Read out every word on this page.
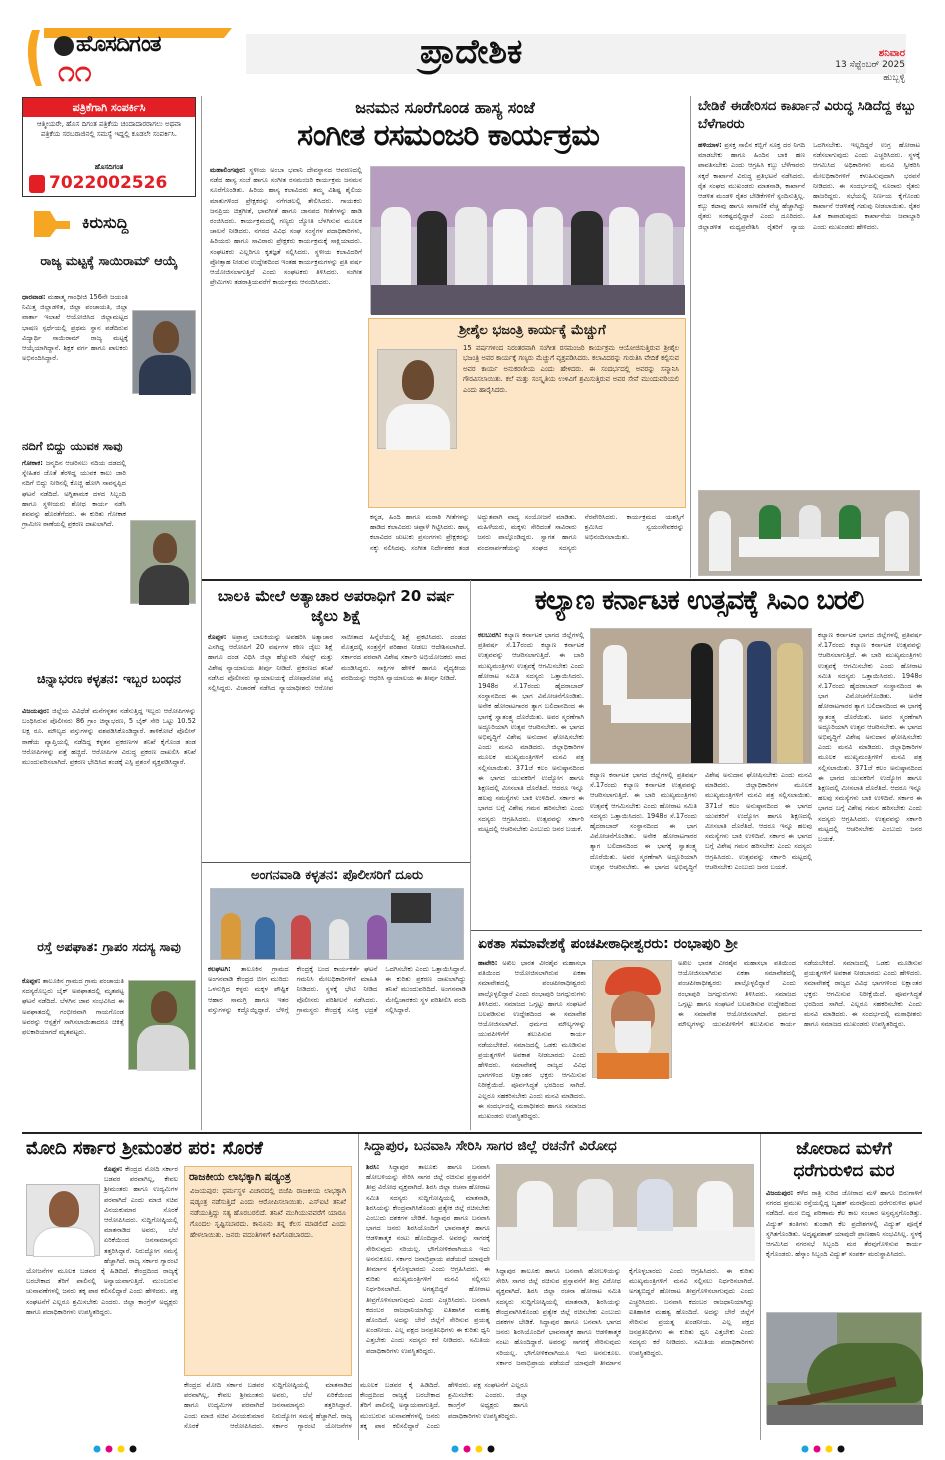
ಹೊಸದಿಗಂತ
೧೧	ಪ್ರಾದೇಶಿಕ	ಶನಿವಾರ
13 ಸೆಪ್ಟೆಂಬರ್ 2025
ಹುಬ್ಬಳ್ಳಿ
ಪತ್ರಿಕೆಗಾಗಿ ಸಂಪರ್ಕಿಸಿ
ಆತ್ಮೀಯರೇ, ಹೊಸ ದಿಗಂತ ಪತ್ರಿಕೆಯ ಚಂದಾದಾರರಾಗಲು ಅಥವಾ ಪತ್ರಿಕೆಯ ಸರಬರಾಜಿನಲ್ಲಿ ಸಮಸ್ಯೆ ಇದ್ದಲ್ಲಿ ಕೂಡಲೇ ಸಂಪರ್ಕಿಸಿ.
ಹೊಸದಿಗಂತ
7022002526
ಕಿರುಸುದ್ದಿ
ರಾಜ್ಯ ಮಟ್ಟಕ್ಕೆ ಸಾಯಿರಾಮ್ ಆಯ್ಕೆ
ಧಾರವಾಡ: ಮಹಾತ್ಮ ಗಾಂಧೀಜಿ 156ನೇ ಜಯಂತಿ ನಿಮಿತ್ತ ಜಿಲ್ಲಾಡಳಿತ, ಜಿಲ್ಲಾ ಪಂಚಾಯತಿ, ಜಿಲ್ಲಾ ವಾರ್ತಾ ಇಲಾಖೆ ಆಯೋಜಿಸಿದ ಜಿಲ್ಲಾಮಟ್ಟದ ಭಾಷಣ ಸ್ಪರ್ಧೆಯಲ್ಲಿ ಪ್ರಥಮ ಸ್ಥಾನ ಪಡೆದಿರುವ ವಿದ್ಯಾರ್ಥಿ ಸಾಯಿರಾಮ್ ರಾಜ್ಯ ಮಟ್ಟಕ್ಕೆ ಆಯ್ಕೆಯಾಗಿದ್ದಾನೆ. ಶಿಕ್ಷಕ ವರ್ಗ ಹಾಗೂ ಪಾಲಕರು ಅಭಿನಂದಿಸಿದ್ದಾರೆ.
ನದಿಗೆ ಬಿದ್ದು ಯುವಕ ಸಾವು
ಗೋಕಾಕ: ಜನ್ಮದಿನ ಆಚರಿಸಲು ನದಿಯ ದಡದಲ್ಲಿ ಸ್ನೇಹಿತರ ಜೊತೆ ತೆರಳಿದ್ದ ಯುವಕ ಕಾಲು ಜಾರಿ ನದಿಗೆ ಬಿದ್ದು ನೀರಿನಲ್ಲಿ ಕೊಚ್ಚಿ ಹೋಗಿ ಸಾವನ್ನಪ್ಪಿದ ಘಟನೆ ನಡೆದಿದೆ. ಅಗ್ನಿಶಾಮಕ ದಳದ ಸಿಬ್ಬಂದಿ ಹಾಗೂ ಸ್ಥಳೀಯರು ಶೋಧ ಕಾರ್ಯ ನಡೆಸಿ ಶವವನ್ನು ಹೊರತೆಗೆದರು. ಈ ಕುರಿತು ಗೋಕಾಕ ಗ್ರಾಮೀಣ ಠಾಣೆಯಲ್ಲಿ ಪ್ರಕರಣ ದಾಖಲಾಗಿದೆ.
ಚಿನ್ನಾಭರಣ ಕಳ್ಳತನ: ಇಬ್ಬರ ಬಂಧನ
ವಿಜಯಪುರ: ಜಿಲ್ಲೆಯ ವಿವಿಧೆಡೆ ಮನೆಗಳ್ಳತನ ನಡೆಸುತ್ತಿದ್ದ ಇಬ್ಬರು ಆರೋಪಿಗಳನ್ನು ಬಂಧಿಸಿರುವ ಪೊಲೀಸರು 86 ಗ್ರಾಂ ಚಿನ್ನಾಭರಣ, 5 ಬೈಕ್ ಸೇರಿ ಒಟ್ಟು 10.52 ಲಕ್ಷ ರೂ. ಮೌಲ್ಯದ ವಸ್ತುಗಳನ್ನು ವಶಪಡಿಸಿಕೊಂಡಿದ್ದಾರೆ. ತಾಳಿಕೋಟೆ ಪೊಲೀಸ್ ಠಾಣೆಯ ವ್ಯಾಪ್ತಿಯಲ್ಲಿ ನಡೆದಿದ್ದ ಕಳ್ಳತನ ಪ್ರಕರಣಗಳ ತನಿಖೆ ಕೈಗೊಂಡ ತಂಡ ಆರೋಪಿಗಳನ್ನು ಪತ್ತೆ ಹಚ್ಚಿದೆ. ಆರೋಪಿಗಳ ವಿರುದ್ಧ ಪ್ರಕರಣ ದಾಖಲಿಸಿ ತನಿಖೆ ಮುಂದುವರಿಸಲಾಗಿದೆ. ಪ್ರಕರಣ ಭೇದಿಸಿದ ತಂಡಕ್ಕೆ ಎಸ್ಪಿ ಪ್ರಶಂಸೆ ವ್ಯಕ್ತಪಡಿಸಿದ್ದಾರೆ.
ರಸ್ತೆ ಅಪಘಾತ: ಗ್ರಾಪಂ ಸದಸ್ಯ ಸಾವು
ಕೊಪ್ಪಳ: ತಾಲೂಕಿನ ಗ್ರಾಮದ ಗ್ರಾಮ ಪಂಚಾಯತಿ ಸದಸ್ಯರೊಬ್ಬರು ಬೈಕ್ ಅಪಘಾತದಲ್ಲಿ ಮೃತಪಟ್ಟ ಘಟನೆ ನಡೆದಿದೆ. ಬೆಳಗಿನ ಜಾವ ಸಂಭವಿಸಿದ ಈ ಅಪಘಾತದಲ್ಲಿ ಗಂಭೀರವಾಗಿ ಗಾಯಗೊಂಡ ಅವರನ್ನು ಆಸ್ಪತ್ರೆಗೆ ಸಾಗಿಸಲಾಯಿತಾದರೂ ಚಿಕಿತ್ಸೆ ಫಲಕಾರಿಯಾಗದೆ ಮೃತಪಟ್ಟರು.
ಜನಮನ ಸೂರೆಗೊಂಡ ಹಾಸ್ಯ ಸಂಜೆ
ಸಂಗೀತ ರಸಮಂಜರಿ ಕಾರ್ಯಕ್ರಮ
ಮಹಾಲಿಂಗಪುರ: ಸ್ಥಳೀಯ ಅಂಬಾ ಭವಾನಿ ದೇವಸ್ಥಾನದ ಆವರಣದಲ್ಲಿ ನಡೆದ ಹಾಸ್ಯ ಸಂಜೆ ಹಾಗೂ ಸಂಗೀತ ರಸಮಂಜರಿ ಕಾರ್ಯಕ್ರಮ ಜನಮನ ಸೂರೆಗೊಂಡಿತು. ಹಿರಿಯ ಹಾಸ್ಯ ಕಲಾವಿದರು ತಮ್ಮ ವಿಶಿಷ್ಟ ಶೈಲಿಯ ಮಾತುಗಳಿಂದ ಪ್ರೇಕ್ಷಕರನ್ನು ನಗೆಗಡಲಲ್ಲಿ ತೇಲಿಸಿದರು. ಗಾಯಕರು ಜನಪ್ರಿಯ ಚಿತ್ರಗೀತೆ, ಭಾವಗೀತೆ ಹಾಗೂ ಜಾನಪದ ಗೀತೆಗಳನ್ನು ಹಾಡಿ ರಂಜಿಸಿದರು. ಕಾರ್ಯಕ್ರಮದಲ್ಲಿ ಗಣ್ಯರು ಜ್ಯೋತಿ ಬೆಳಗಿಸುವ ಮೂಲಕ ಚಾಲನೆ ನೀಡಿದರು. ನಗರದ ವಿವಿಧ ಸಂಘ ಸಂಸ್ಥೆಗಳ ಪದಾಧಿಕಾರಿಗಳು, ಹಿರಿಯರು ಹಾಗೂ ಸಾವಿರಾರು ಪ್ರೇಕ್ಷಕರು ಕಾರ್ಯಕ್ರಮಕ್ಕೆ ಸಾಕ್ಷಿಯಾದರು. ಸಂಘಟಕರು ಎಲ್ಲರಿಗೂ ಕೃತಜ್ಞತೆ ಸಲ್ಲಿಸಿದರು. ಸ್ಥಳೀಯ ಕಲಾವಿದರಿಗೆ ಪ್ರೋತ್ಸಾಹ ನೀಡುವ ಉದ್ದೇಶದಿಂದ ಇಂತಹ ಕಾರ್ಯಕ್ರಮಗಳನ್ನು ಪ್ರತಿ ವರ್ಷ ಆಯೋಜಿಸಲಾಗುತ್ತಿದೆ ಎಂದು ಸಂಘಟಕರು ತಿಳಿಸಿದರು. ಸಂಗೀತ ಪ್ರೇಮಿಗಳು ತಡರಾತ್ರಿಯವರೆಗೆ ಕಾರ್ಯಕ್ರಮ ಆನಂದಿಸಿದರು.
ಶ್ರೀಶೈಲ ಭಜಂತ್ರಿ ಕಾರ್ಯಕ್ಕೆ ಮೆಚ್ಚುಗೆ
15 ವರ್ಷಗಳಿಂದ ನಿರಂತರವಾಗಿ ಸಂಗೀತ ರಸಮಂಜರಿ ಕಾರ್ಯಕ್ರಮ ಆಯೋಜಿಸುತ್ತಿರುವ ಶ್ರೀಶೈಲ ಭಜಂತ್ರಿ ಅವರ ಕಾರ್ಯಕ್ಕೆ ಗಣ್ಯರು ಮೆಚ್ಚುಗೆ ವ್ಯಕ್ತಪಡಿಸಿದರು. ಕಲಾವಿದರನ್ನು ಗುರುತಿಸಿ ವೇದಿಕೆ ಕಲ್ಪಿಸುವ ಅವರ ಕಾರ್ಯ ಅನುಕರಣೀಯ ಎಂದು ಹೇಳಿದರು. ಈ ಸಂದರ್ಭದಲ್ಲಿ ಅವರನ್ನು ಸನ್ಮಾನಿಸಿ ಗೌರವಿಸಲಾಯಿತು. ಕಲೆ ಮತ್ತು ಸಂಸ್ಕೃತಿಯ ಉಳಿವಿಗೆ ಶ್ರಮಿಸುತ್ತಿರುವ ಅವರ ಸೇವೆ ಮುಂದುವರಿಯಲಿ ಎಂದು ಹಾರೈಸಿದರು.
ಕನ್ನಡ, ಹಿಂದಿ ಹಾಗೂ ಮರಾಠಿ ಗೀತೆಗಳನ್ನು ಹಾಡಿದ ಕಲಾವಿದರು ಚಪ್ಪಾಳೆ ಗಿಟ್ಟಿಸಿದರು. ಹಾಸ್ಯ ಕಲಾವಿದರ ಚುಟುಕು ಪ್ರಸಂಗಗಳು ಪ್ರೇಕ್ಷಕರನ್ನು ನಕ್ಕು ನಲಿಸಿದವು. ಸಂಗೀತ ನಿರ್ದೇಶಕರ ತಂಡ ಅದ್ಭುತವಾಗಿ ವಾದ್ಯ ಸಂಯೋಜನೆ ಮಾಡಿತು. ಮಹಿಳೆಯರು, ಮಕ್ಕಳು ಸೇರಿದಂತೆ ಸಾವಿರಾರು ಜನರು ಪಾಲ್ಗೊಂಡಿದ್ದರು. ಸ್ವಾಗತ ಹಾಗೂ ವಂದನಾರ್ಪಣೆಯನ್ನು ಸಂಘದ ಸದಸ್ಯರು ನೆರವೇರಿಸಿದರು. ಕಾರ್ಯಕ್ರಮದ ಯಶಸ್ಸಿಗೆ ಶ್ರಮಿಸಿದ ಸ್ವಯಂಸೇವಕರನ್ನು ಅಭಿನಂದಿಸಲಾಯಿತು.
ಬೇಡಿಕೆ ಈಡೇರಿಸದ ಕಾರ್ಖಾನೆ ವಿರುದ್ಧ ಸಿಡಿದೆದ್ದ ಕಬ್ಬು ಬೆಳೆಗಾರರು
ಹಳಿಯಾಳ: ಪ್ರಸಕ್ತ ಸಾಲಿನ ಕಬ್ಬಿಗೆ ಸೂಕ್ತ ದರ ನಿಗದಿ ಮಾಡಬೇಕು ಹಾಗೂ ಹಿಂದಿನ ಬಾಕಿ ಹಣ ಪಾವತಿಸಬೇಕು ಎಂದು ಆಗ್ರಹಿಸಿ ಕಬ್ಬು ಬೆಳೆಗಾರರು ಸಕ್ಕರೆ ಕಾರ್ಖಾನೆ ವಿರುದ್ಧ ಪ್ರತಿಭಟನೆ ನಡೆಸಿದರು. ರೈತ ಸಂಘದ ಮುಖಂಡರು ಮಾತನಾಡಿ, ಕಾರ್ಖಾನೆ ಆಡಳಿತ ಮಂಡಳಿ ರೈತರ ಬೇಡಿಕೆಗಳಿಗೆ ಸ್ಪಂದಿಸುತ್ತಿಲ್ಲ. ಕಬ್ಬು ಕಟಾವು ಹಾಗೂ ಸಾಗಾಣಿಕೆ ವೆಚ್ಚ ಹೆಚ್ಚಾಗಿದ್ದು ರೈತರು ಸಂಕಷ್ಟದಲ್ಲಿದ್ದಾರೆ ಎಂದು ದೂರಿದರು. ಜಿಲ್ಲಾಡಳಿತ ಮಧ್ಯಪ್ರವೇಶಿಸಿ ರೈತರಿಗೆ ನ್ಯಾಯ ಒದಗಿಸಬೇಕು. ಇಲ್ಲದಿದ್ದರೆ ಉಗ್ರ ಹೋರಾಟ ನಡೆಸಲಾಗುವುದು ಎಂದು ಎಚ್ಚರಿಸಿದರು. ಸ್ಥಳಕ್ಕೆ ಆಗಮಿಸಿದ ಅಧಿಕಾರಿಗಳು ಮನವಿ ಸ್ವೀಕರಿಸಿ ಮೇಲಧಿಕಾರಿಗಳಿಗೆ ಕಳುಹಿಸುವುದಾಗಿ ಭರವಸೆ ನೀಡಿದರು. ಈ ಸಂದರ್ಭದಲ್ಲಿ ನೂರಾರು ರೈತರು ಹಾಜರಿದ್ದರು. ಸಭೆಯಲ್ಲಿ ನಿರ್ಣಯ ಕೈಗೊಂಡು ಕಾರ್ಖಾನೆ ಆಡಳಿತಕ್ಕೆ ಗಡುವು ನೀಡಲಾಯಿತು. ರೈತರ ಹಿತ ಕಾಪಾಡುವುದು ಕಾರ್ಖಾನೆಯ ಜವಾಬ್ದಾರಿ ಎಂದು ಮುಖಂಡರು ಹೇಳಿದರು.
ಬಾಲಕಿ ಮೇಲೆ ಅತ್ಯಾಚಾರ ಅಪರಾಧಿಗೆ 20 ವರ್ಷ ಜೈಲು ಶಿಕ್ಷೆ
ಕೊಪ್ಪಳ: ಅಪ್ರಾಪ್ತ ಬಾಲಕಿಯನ್ನು ಅಪಹರಿಸಿ ಅತ್ಯಾಚಾರ ಎಸಗಿದ್ದ ಆರೋಪಿಗೆ 20 ವರ್ಷಗಳ ಕಠಿಣ ಜೈಲು ಶಿಕ್ಷೆ ಹಾಗೂ ದಂಡ ವಿಧಿಸಿ ಜಿಲ್ಲಾ ಹೆಚ್ಚುವರಿ ಸೆಷನ್ಸ್ ಮತ್ತು ವಿಶೇಷ ನ್ಯಾಯಾಲಯ ತೀರ್ಪು ನೀಡಿದೆ. ಪ್ರಕರಣದ ತನಿಖೆ ನಡೆಸಿದ ಪೊಲೀಸರು ನ್ಯಾಯಾಲಯಕ್ಕೆ ದೋಷಾರೋಪ ಪಟ್ಟಿ ಸಲ್ಲಿಸಿದ್ದರು. ವಿಚಾರಣೆ ನಡೆಸಿದ ನ್ಯಾಯಾಧೀಶರು ಆರೋಪ ಸಾಬೀತಾದ ಹಿನ್ನೆಲೆಯಲ್ಲಿ ಶಿಕ್ಷೆ ಪ್ರಕಟಿಸಿದರು. ದಂಡದ ಮೊತ್ತದಲ್ಲಿ ಸಂತ್ರಸ್ತೆಗೆ ಪರಿಹಾರ ನೀಡಲು ಆದೇಶಿಸಲಾಗಿದೆ. ಸರ್ಕಾರದ ಪರವಾಗಿ ವಿಶೇಷ ಸರ್ಕಾರಿ ಅಭಿಯೋಜಕರು ವಾದ ಮಂಡಿಸಿದ್ದರು. ಸಾಕ್ಷಿಗಳ ಹೇಳಿಕೆ ಹಾಗೂ ವೈದ್ಯಕೀಯ ವರದಿಯನ್ನು ಆಧರಿಸಿ ನ್ಯಾಯಾಲಯ ಈ ತೀರ್ಪು ನೀಡಿದೆ.
ಅಂಗನವಾಡಿ ಕಳ್ಳತನ: ಪೊಲೀಸರಿಗೆ ದೂರು
ಕಲಘಟಗಿ: ತಾಲೂಕಿನ ಗ್ರಾಮದ ಅಂಗನವಾಡಿ ಕೇಂದ್ರದ ಬೀಗ ಮುರಿದು ಒಳನುಗ್ಗಿದ ಕಳ್ಳರು ಮಕ್ಕಳ ಪೌಷ್ಟಿಕ ಆಹಾರ ಸಾಮಗ್ರಿ ಹಾಗೂ ಇತರ ವಸ್ತುಗಳನ್ನು ಕದ್ದೊಯ್ದಿದ್ದಾರೆ. ಬೆಳಿಗ್ಗೆ ಕೇಂದ್ರಕ್ಕೆ ಬಂದ ಕಾರ್ಯಕರ್ತೆ ಘಟನೆ ಗಮನಿಸಿ ಮೇಲಧಿಕಾರಿಗಳಿಗೆ ಮಾಹಿತಿ ನೀಡಿದರು. ಸ್ಥಳಕ್ಕೆ ಭೇಟಿ ನೀಡಿದ ಪೊಲೀಸರು ಪರಿಶೀಲನೆ ನಡೆಸಿದರು. ಗ್ರಾಮಸ್ಥರು ಕೇಂದ್ರಕ್ಕೆ ಸೂಕ್ತ ಭದ್ರತೆ ಒದಗಿಸಬೇಕು ಎಂದು ಒತ್ತಾಯಿಸಿದ್ದಾರೆ. ಈ ಕುರಿತು ಪ್ರಕರಣ ದಾಖಲಾಗಿದ್ದು ತನಿಖೆ ಮುಂದುವರಿದಿದೆ. ಅಂಗನವಾಡಿ ಮೇಲ್ವಿಚಾರಕರು ಸ್ಥಳ ಪರಿಶೀಲಿಸಿ ವರದಿ ಸಲ್ಲಿಸಿದ್ದಾರೆ.
ಕಲ್ಯಾಣ ಕರ್ನಾಟಕ ಉತ್ಸವಕ್ಕೆ ಸಿಎಂ ಬರಲಿ
ಕಲಬುರಗಿ: ಕಲ್ಯಾಣ ಕರ್ನಾಟಕ ಭಾಗದ ಜಿಲ್ಲೆಗಳಲ್ಲಿ ಪ್ರತಿವರ್ಷ ಸೆ.17ರಂದು ಕಲ್ಯಾಣ ಕರ್ನಾಟಕ ಉತ್ಸವವನ್ನು ಆಚರಿಸಲಾಗುತ್ತಿದೆ. ಈ ಬಾರಿ ಮುಖ್ಯಮಂತ್ರಿಗಳು ಉತ್ಸವಕ್ಕೆ ಆಗಮಿಸಬೇಕು ಎಂದು ಹೋರಾಟ ಸಮಿತಿ ಸದಸ್ಯರು ಒತ್ತಾಯಿಸಿದರು. 1948ರ ಸೆ.17ರಂದು ಹೈದರಾಬಾದ್ ಸಂಸ್ಥಾನದಿಂದ ಈ ಭಾಗ ವಿಮೋಚನೆಗೊಂಡಿತು. ಅನೇಕ ಹೋರಾಟಗಾರರ ತ್ಯಾಗ ಬಲಿದಾನದಿಂದ ಈ ಭಾಗಕ್ಕೆ ಸ್ವಾತಂತ್ರ್ಯ ದೊರೆಯಿತು. ಅವರ ಸ್ಮರಣೆಗಾಗಿ ಅದ್ದೂರಿಯಾಗಿ ಉತ್ಸವ ಆಚರಿಸಬೇಕು. ಈ ಭಾಗದ ಅಭಿವೃದ್ಧಿಗೆ ವಿಶೇಷ ಅನುದಾನ ಘೋಷಿಸಬೇಕು ಎಂದು ಮನವಿ ಮಾಡಿದರು. ಜಿಲ್ಲಾಧಿಕಾರಿಗಳ ಮೂಲಕ ಮುಖ್ಯಮಂತ್ರಿಗಳಿಗೆ ಮನವಿ ಪತ್ರ ಸಲ್ಲಿಸಲಾಯಿತು. 371ಜೆ ಕಲಂ ಅನುಷ್ಠಾನದಿಂದ ಈ ಭಾಗದ ಯುವಕರಿಗೆ ಉದ್ಯೋಗ ಹಾಗೂ ಶಿಕ್ಷಣದಲ್ಲಿ ಮೀಸಲಾತಿ ದೊರೆತಿದೆ. ಆದರೂ ಇನ್ನೂ ಹಲವು ಸಮಸ್ಯೆಗಳು ಬಾಕಿ ಉಳಿದಿವೆ. ಸರ್ಕಾರ ಈ ಭಾಗದ ಬಗ್ಗೆ ವಿಶೇಷ ಗಮನ ಹರಿಸಬೇಕು ಎಂದು ಸದಸ್ಯರು ಆಗ್ರಹಿಸಿದರು. ಉತ್ಸವವನ್ನು ಸರ್ಕಾರಿ ಮಟ್ಟದಲ್ಲಿ ಆಚರಿಸಬೇಕು ಎಂಬುದು ಜನರ ಬಯಕೆ.
ಕಲ್ಯಾಣ ಕರ್ನಾಟಕ ಭಾಗದ ಜಿಲ್ಲೆಗಳಲ್ಲಿ ಪ್ರತಿವರ್ಷ ಸೆ.17ರಂದು ಕಲ್ಯಾಣ ಕರ್ನಾಟಕ ಉತ್ಸವವನ್ನು ಆಚರಿಸಲಾಗುತ್ತಿದೆ. ಈ ಬಾರಿ ಮುಖ್ಯಮಂತ್ರಿಗಳು ಉತ್ಸವಕ್ಕೆ ಆಗಮಿಸಬೇಕು ಎಂದು ಹೋರಾಟ ಸಮಿತಿ ಸದಸ್ಯರು ಒತ್ತಾಯಿಸಿದರು. 1948ರ ಸೆ.17ರಂದು ಹೈದರಾಬಾದ್ ಸಂಸ್ಥಾನದಿಂದ ಈ ಭಾಗ ವಿಮೋಚನೆಗೊಂಡಿತು. ಅನೇಕ ಹೋರಾಟಗಾರರ ತ್ಯಾಗ ಬಲಿದಾನದಿಂದ ಈ ಭಾಗಕ್ಕೆ ಸ್ವಾತಂತ್ರ್ಯ ದೊರೆಯಿತು. ಅವರ ಸ್ಮರಣೆಗಾಗಿ ಅದ್ದೂರಿಯಾಗಿ ಉತ್ಸವ ಆಚರಿಸಬೇಕು. ಈ ಭಾಗದ ಅಭಿವೃದ್ಧಿಗೆ ವಿಶೇಷ ಅನುದಾನ ಘೋಷಿಸಬೇಕು ಎಂದು ಮನವಿ ಮಾಡಿದರು. ಜಿಲ್ಲಾಧಿಕಾರಿಗಳ ಮೂಲಕ ಮುಖ್ಯಮಂತ್ರಿಗಳಿಗೆ ಮನವಿ ಪತ್ರ ಸಲ್ಲಿಸಲಾಯಿತು. 371ಜೆ ಕಲಂ ಅನುಷ್ಠಾನದಿಂದ ಈ ಭಾಗದ ಯುವಕರಿಗೆ ಉದ್ಯೋಗ ಹಾಗೂ ಶಿಕ್ಷಣದಲ್ಲಿ ಮೀಸಲಾತಿ ದೊರೆತಿದೆ. ಆದರೂ ಇನ್ನೂ ಹಲವು ಸಮಸ್ಯೆಗಳು ಬಾಕಿ ಉಳಿದಿವೆ. ಸರ್ಕಾರ ಈ ಭಾಗದ ಬಗ್ಗೆ ವಿಶೇಷ ಗಮನ ಹರಿಸಬೇಕು ಎಂದು ಸದಸ್ಯರು ಆಗ್ರಹಿಸಿದರು. ಉತ್ಸವವನ್ನು ಸರ್ಕಾರಿ ಮಟ್ಟದಲ್ಲಿ ಆಚರಿಸಬೇಕು ಎಂಬುದು ಜನರ ಬಯಕೆ.
ಕಲ್ಯಾಣ ಕರ್ನಾಟಕ ಭಾಗದ ಜಿಲ್ಲೆಗಳಲ್ಲಿ ಪ್ರತಿವರ್ಷ ಸೆ.17ರಂದು ಕಲ್ಯಾಣ ಕರ್ನಾಟಕ ಉತ್ಸವವನ್ನು ಆಚರಿಸಲಾಗುತ್ತಿದೆ. ಈ ಬಾರಿ ಮುಖ್ಯಮಂತ್ರಿಗಳು ಉತ್ಸವಕ್ಕೆ ಆಗಮಿಸಬೇಕು ಎಂದು ಹೋರಾಟ ಸಮಿತಿ ಸದಸ್ಯರು ಒತ್ತಾಯಿಸಿದರು. 1948ರ ಸೆ.17ರಂದು ಹೈದರಾಬಾದ್ ಸಂಸ್ಥಾನದಿಂದ ಈ ಭಾಗ ವಿಮೋಚನೆಗೊಂಡಿತು. ಅನೇಕ ಹೋರಾಟಗಾರರ ತ್ಯಾಗ ಬಲಿದಾನದಿಂದ ಈ ಭಾಗಕ್ಕೆ ಸ್ವಾತಂತ್ರ್ಯ ದೊರೆಯಿತು. ಅವರ ಸ್ಮರಣೆಗಾಗಿ ಅದ್ದೂರಿಯಾಗಿ ಉತ್ಸವ ಆಚರಿಸಬೇಕು. ಈ ಭಾಗದ ಅಭಿವೃದ್ಧಿಗೆ ವಿಶೇಷ ಅನುದಾನ ಘೋಷಿಸಬೇಕು ಎಂದು ಮನವಿ ಮಾಡಿದರು. ಜಿಲ್ಲಾಧಿಕಾರಿಗಳ ಮೂಲಕ ಮುಖ್ಯಮಂತ್ರಿಗಳಿಗೆ ಮನವಿ ಪತ್ರ ಸಲ್ಲಿಸಲಾಯಿತು. 371ಜೆ ಕಲಂ ಅನುಷ್ಠಾನದಿಂದ ಈ ಭಾಗದ ಯುವಕರಿಗೆ ಉದ್ಯೋಗ ಹಾಗೂ ಶಿಕ್ಷಣದಲ್ಲಿ ಮೀಸಲಾತಿ ದೊರೆತಿದೆ. ಆದರೂ ಇನ್ನೂ ಹಲವು ಸಮಸ್ಯೆಗಳು ಬಾಕಿ ಉಳಿದಿವೆ. ಸರ್ಕಾರ ಈ ಭಾಗದ ಬಗ್ಗೆ ವಿಶೇಷ ಗಮನ ಹರಿಸಬೇಕು ಎಂದು ಸದಸ್ಯರು ಆಗ್ರಹಿಸಿದರು. ಉತ್ಸವವನ್ನು ಸರ್ಕಾರಿ ಮಟ್ಟದಲ್ಲಿ ಆಚರಿಸಬೇಕು ಎಂಬುದು ಜನರ ಬಯಕೆ.
ಏಕತಾ ಸಮಾವೇಶಕ್ಕೆ ಪಂಚಪೀಠಾಧೀಶ್ವರರು: ರಂಭಾಪುರಿ ಶ್ರೀ
ಹಾವೇರಿ: ಅಖಿಲ ಭಾರತ ವೀರಶೈವ ಮಹಾಸಭಾ ವತಿಯಿಂದ ಆಯೋಜಿಸಲಾಗಿರುವ ಏಕತಾ ಸಮಾವೇಶದಲ್ಲಿ ಪಂಚಪೀಠಾಧೀಶ್ವರರು ಪಾಲ್ಗೊಳ್ಳಲಿದ್ದಾರೆ ಎಂದು ರಂಭಾಪುರಿ ಜಗದ್ಗುರುಗಳು ತಿಳಿಸಿದರು. ಸಮಾಜದ ಒಗ್ಗಟ್ಟು ಹಾಗೂ ಸಂಘಟನೆ ಬಲಪಡಿಸುವ ಉದ್ದೇಶದಿಂದ ಈ ಸಮಾವೇಶ ಆಯೋಜಿಸಲಾಗಿದೆ. ಧರ್ಮದ ಮೌಲ್ಯಗಳನ್ನು ಯುವಪೀಳಿಗೆಗೆ ತಲುಪಿಸುವ ಕಾರ್ಯ ನಡೆಯಬೇಕಿದೆ. ಸಮಾಜದಲ್ಲಿ ಒಡಕು ಮೂಡಿಸುವ ಪ್ರಯತ್ನಗಳಿಗೆ ಅವಕಾಶ ನೀಡಬಾರದು ಎಂದು ಹೇಳಿದರು. ಸಮಾವೇಶಕ್ಕೆ ರಾಜ್ಯದ ವಿವಿಧ ಭಾಗಗಳಿಂದ ಲಕ್ಷಾಂತರ ಭಕ್ತರು ಆಗಮಿಸುವ ನಿರೀಕ್ಷೆಯಿದೆ. ಪೂರ್ವಸಿದ್ಧತೆ ಭರದಿಂದ ಸಾಗಿದೆ. ಎಲ್ಲರೂ ಸಹಕರಿಸಬೇಕು ಎಂದು ಮನವಿ ಮಾಡಿದರು. ಈ ಸಂದರ್ಭದಲ್ಲಿ ಮಠಾಧೀಶರು ಹಾಗೂ ಸಮಾಜದ ಮುಖಂಡರು ಉಪಸ್ಥಿತರಿದ್ದರು.
ಅಖಿಲ ಭಾರತ ವೀರಶೈವ ಮಹಾಸಭಾ ವತಿಯಿಂದ ಆಯೋಜಿಸಲಾಗಿರುವ ಏಕತಾ ಸಮಾವೇಶದಲ್ಲಿ ಪಂಚಪೀಠಾಧೀಶ್ವರರು ಪಾಲ್ಗೊಳ್ಳಲಿದ್ದಾರೆ ಎಂದು ರಂಭಾಪುರಿ ಜಗದ್ಗುರುಗಳು ತಿಳಿಸಿದರು. ಸಮಾಜದ ಒಗ್ಗಟ್ಟು ಹಾಗೂ ಸಂಘಟನೆ ಬಲಪಡಿಸುವ ಉದ್ದೇಶದಿಂದ ಈ ಸಮಾವೇಶ ಆಯೋಜಿಸಲಾಗಿದೆ. ಧರ್ಮದ ಮೌಲ್ಯಗಳನ್ನು ಯುವಪೀಳಿಗೆಗೆ ತಲುಪಿಸುವ ಕಾರ್ಯ ನಡೆಯಬೇಕಿದೆ. ಸಮಾಜದಲ್ಲಿ ಒಡಕು ಮೂಡಿಸುವ ಪ್ರಯತ್ನಗಳಿಗೆ ಅವಕಾಶ ನೀಡಬಾರದು ಎಂದು ಹೇಳಿದರು. ಸಮಾವೇಶಕ್ಕೆ ರಾಜ್ಯದ ವಿವಿಧ ಭಾಗಗಳಿಂದ ಲಕ್ಷಾಂತರ ಭಕ್ತರು ಆಗಮಿಸುವ ನಿರೀಕ್ಷೆಯಿದೆ. ಪೂರ್ವಸಿದ್ಧತೆ ಭರದಿಂದ ಸಾಗಿದೆ. ಎಲ್ಲರೂ ಸಹಕರಿಸಬೇಕು ಎಂದು ಮನವಿ ಮಾಡಿದರು. ಈ ಸಂದರ್ಭದಲ್ಲಿ ಮಠಾಧೀಶರು ಹಾಗೂ ಸಮಾಜದ ಮುಖಂಡರು ಉಪಸ್ಥಿತರಿದ್ದರು.
ಮೋದಿ ಸರ್ಕಾರ ಶ್ರೀಮಂತರ ಪರ: ಸೊರಕೆ
ಕೊಪ್ಪಳ: ಕೇಂದ್ರದ ಮೋದಿ ಸರ್ಕಾರ ಬಡವರ ಪರವಾಗಿಲ್ಲ, ಕೇವಲ ಶ್ರೀಮಂತರು ಹಾಗೂ ಉದ್ಯಮಿಗಳ ಪರವಾಗಿದೆ ಎಂದು ಮಾಜಿ ಸಚಿವ ವಿನಯಕುಮಾರ ಸೊರಕೆ ಆರೋಪಿಸಿದರು. ಸುದ್ದಿಗೋಷ್ಠಿಯಲ್ಲಿ ಮಾತನಾಡಿದ ಅವರು, ಬೆಲೆ ಏರಿಕೆಯಿಂದ ಜನಸಾಮಾನ್ಯರು ತತ್ತರಿಸಿದ್ದಾರೆ. ನಿರುದ್ಯೋಗ ಸಮಸ್ಯೆ ಹೆಚ್ಚಾಗಿದೆ. ರಾಜ್ಯ ಸರ್ಕಾರ ಗ್ಯಾರಂಟಿ ಯೋಜನೆಗಳ ಮೂಲಕ ಬಡವರ ಕೈ ಹಿಡಿದಿದೆ. ಕೇಂದ್ರದಿಂದ ರಾಜ್ಯಕ್ಕೆ ಬರಬೇಕಾದ ತೆರಿಗೆ ಪಾಲಿನಲ್ಲಿ ಅನ್ಯಾಯವಾಗುತ್ತಿದೆ. ಮುಂಬರುವ ಚುನಾವಣೆಗಳಲ್ಲಿ ಜನರು ತಕ್ಕ ಪಾಠ ಕಲಿಸಲಿದ್ದಾರೆ ಎಂದು ಹೇಳಿದರು. ಪಕ್ಷ ಸಂಘಟನೆಗೆ ಎಲ್ಲರೂ ಶ್ರಮಿಸಬೇಕು ಎಂದರು. ಜಿಲ್ಲಾ ಕಾಂಗ್ರೆಸ್ ಅಧ್ಯಕ್ಷರು ಹಾಗೂ ಪದಾಧಿಕಾರಿಗಳು ಉಪಸ್ಥಿತರಿದ್ದರು.
ರಾಜಕೀಯ ಲಾಭಕ್ಕಾಗಿ ಷಡ್ಯಂತ್ರ
ವಿಜಯಪುರ: ಧರ್ಮಸ್ಥಳ ವಿಚಾರದಲ್ಲಿ ಬಿಜೆಪಿ ರಾಜಕೀಯ ಲಾಭಕ್ಕಾಗಿ ಷಡ್ಯಂತ್ರ ನಡೆಸುತ್ತಿದೆ ಎಂದು ಆರೋಪಿಸಲಾಯಿತು. ಎಸ್ಐಟಿ ತನಿಖೆ ನಡೆಯುತ್ತಿದ್ದು ಸತ್ಯ ಹೊರಬರಲಿದೆ. ತನಿಖೆ ಮುಗಿಯುವವರೆಗೆ ಯಾರೂ ಗೊಂದಲ ಸೃಷ್ಟಿಸಬಾರದು. ಕಾನೂನು ತನ್ನ ಕೆಲಸ ಮಾಡಲಿದೆ ಎಂದು ಹೇಳಲಾಯಿತು. ಜನರು ವದಂತಿಗಳಿಗೆ ಕಿವಿಗೊಡಬಾರದು.
ಕೇಂದ್ರದ ಮೋದಿ ಸರ್ಕಾರ ಬಡವರ ಪರವಾಗಿಲ್ಲ, ಕೇವಲ ಶ್ರೀಮಂತರು ಹಾಗೂ ಉದ್ಯಮಿಗಳ ಪರವಾಗಿದೆ ಎಂದು ಮಾಜಿ ಸಚಿವ ವಿನಯಕುಮಾರ ಸೊರಕೆ ಆರೋಪಿಸಿದರು. ಸುದ್ದಿಗೋಷ್ಠಿಯಲ್ಲಿ ಮಾತನಾಡಿದ ಅವರು, ಬೆಲೆ ಏರಿಕೆಯಿಂದ ಜನಸಾಮಾನ್ಯರು ತತ್ತರಿಸಿದ್ದಾರೆ. ನಿರುದ್ಯೋಗ ಸಮಸ್ಯೆ ಹೆಚ್ಚಾಗಿದೆ. ರಾಜ್ಯ ಸರ್ಕಾರ ಗ್ಯಾರಂಟಿ ಯೋಜನೆಗಳ ಮೂಲಕ ಬಡವರ ಕೈ ಹಿಡಿದಿದೆ. ಕೇಂದ್ರದಿಂದ ರಾಜ್ಯಕ್ಕೆ ಬರಬೇಕಾದ ತೆರಿಗೆ ಪಾಲಿನಲ್ಲಿ ಅನ್ಯಾಯವಾಗುತ್ತಿದೆ. ಮುಂಬರುವ ಚುನಾವಣೆಗಳಲ್ಲಿ ಜನರು ತಕ್ಕ ಪಾಠ ಕಲಿಸಲಿದ್ದಾರೆ ಎಂದು ಹೇಳಿದರು. ಪಕ್ಷ ಸಂಘಟನೆಗೆ ಎಲ್ಲರೂ ಶ್ರಮಿಸಬೇಕು ಎಂದರು. ಜಿಲ್ಲಾ ಕಾಂಗ್ರೆಸ್ ಅಧ್ಯಕ್ಷರು ಹಾಗೂ ಪದಾಧಿಕಾರಿಗಳು ಉಪಸ್ಥಿತರಿದ್ದರು.
ಸಿದ್ದಾಪುರ, ಬನವಾಸಿ ಸೇರಿಸಿ ಸಾಗರ ಜಿಲ್ಲೆ ರಚನೆಗೆ ವಿರೋಧ
ಶಿರಸಿ: ಸಿದ್ದಾಪುರ ತಾಲೂಕು ಹಾಗೂ ಬನವಾಸಿ ಹೋಬಳಿಯನ್ನು ಸೇರಿಸಿ ಸಾಗರ ಜಿಲ್ಲೆ ರಚಿಸುವ ಪ್ರಸ್ತಾವನೆಗೆ ತೀವ್ರ ವಿರೋಧ ವ್ಯಕ್ತವಾಗಿದೆ. ಶಿರಸಿ ಜಿಲ್ಲಾ ರಚನಾ ಹೋರಾಟ ಸಮಿತಿ ಸದಸ್ಯರು ಸುದ್ದಿಗೋಷ್ಠಿಯಲ್ಲಿ ಮಾತನಾಡಿ, ಶಿರಸಿಯನ್ನು ಕೇಂದ್ರವಾಗಿಸಿಕೊಂಡು ಪ್ರತ್ಯೇಕ ಜಿಲ್ಲೆ ರಚಿಸಬೇಕು ಎಂಬುದು ದಶಕಗಳ ಬೇಡಿಕೆ. ಸಿದ್ದಾಪುರ ಹಾಗೂ ಬನವಾಸಿ ಭಾಗದ ಜನರು ಶಿರಸಿಯೊಂದಿಗೆ ಭಾವನಾತ್ಮಕ ಹಾಗೂ ಆಡಳಿತಾತ್ಮಕ ನಂಟು ಹೊಂದಿದ್ದಾರೆ. ಅವರನ್ನು ಸಾಗರಕ್ಕೆ ಸೇರಿಸುವುದು ಸರಿಯಲ್ಲ. ಭೌಗೋಳಿಕವಾಗಿಯೂ ಇದು ಅನನುಕೂಲ. ಸರ್ಕಾರ ಜನಾಭಿಪ್ರಾಯ ಪಡೆಯದೆ ಯಾವುದೇ ತೀರ್ಮಾನ ಕೈಗೊಳ್ಳಬಾರದು ಎಂದು ಆಗ್ರಹಿಸಿದರು. ಈ ಕುರಿತು ಮುಖ್ಯಮಂತ್ರಿಗಳಿಗೆ ಮನವಿ ಸಲ್ಲಿಸಲು ನಿರ್ಧರಿಸಲಾಗಿದೆ. ಅಗತ್ಯಬಿದ್ದರೆ ಹೋರಾಟ ತೀವ್ರಗೊಳಿಸಲಾಗುವುದು ಎಂದು ಎಚ್ಚರಿಸಿದರು. ಬನವಾಸಿ ಕದಂಬರ ರಾಜಧಾನಿಯಾಗಿದ್ದು ಐತಿಹಾಸಿಕ ಮಹತ್ವ ಹೊಂದಿದೆ. ಅದನ್ನು ಬೇರೆ ಜಿಲ್ಲೆಗೆ ಸೇರಿಸುವ ಪ್ರಯತ್ನ ಖಂಡನೀಯ. ಎಲ್ಲ ಪಕ್ಷದ ಜನಪ್ರತಿನಿಧಿಗಳು ಈ ಕುರಿತು ಧ್ವನಿ ಎತ್ತಬೇಕು ಎಂದು ಸದಸ್ಯರು ಕರೆ ನೀಡಿದರು. ಸಮಿತಿಯ ಪದಾಧಿಕಾರಿಗಳು ಉಪಸ್ಥಿತರಿದ್ದರು.
ಸಿದ್ದಾಪುರ ತಾಲೂಕು ಹಾಗೂ ಬನವಾಸಿ ಹೋಬಳಿಯನ್ನು ಸೇರಿಸಿ ಸಾಗರ ಜಿಲ್ಲೆ ರಚಿಸುವ ಪ್ರಸ್ತಾವನೆಗೆ ತೀವ್ರ ವಿರೋಧ ವ್ಯಕ್ತವಾಗಿದೆ. ಶಿರಸಿ ಜಿಲ್ಲಾ ರಚನಾ ಹೋರಾಟ ಸಮಿತಿ ಸದಸ್ಯರು ಸುದ್ದಿಗೋಷ್ಠಿಯಲ್ಲಿ ಮಾತನಾಡಿ, ಶಿರಸಿಯನ್ನು ಕೇಂದ್ರವಾಗಿಸಿಕೊಂಡು ಪ್ರತ್ಯೇಕ ಜಿಲ್ಲೆ ರಚಿಸಬೇಕು ಎಂಬುದು ದಶಕಗಳ ಬೇಡಿಕೆ. ಸಿದ್ದಾಪುರ ಹಾಗೂ ಬನವಾಸಿ ಭಾಗದ ಜನರು ಶಿರಸಿಯೊಂದಿಗೆ ಭಾವನಾತ್ಮಕ ಹಾಗೂ ಆಡಳಿತಾತ್ಮಕ ನಂಟು ಹೊಂದಿದ್ದಾರೆ. ಅವರನ್ನು ಸಾಗರಕ್ಕೆ ಸೇರಿಸುವುದು ಸರಿಯಲ್ಲ. ಭೌಗೋಳಿಕವಾಗಿಯೂ ಇದು ಅನನುಕೂಲ. ಸರ್ಕಾರ ಜನಾಭಿಪ್ರಾಯ ಪಡೆಯದೆ ಯಾವುದೇ ತೀರ್ಮಾನ ಕೈಗೊಳ್ಳಬಾರದು ಎಂದು ಆಗ್ರಹಿಸಿದರು. ಈ ಕುರಿತು ಮುಖ್ಯಮಂತ್ರಿಗಳಿಗೆ ಮನವಿ ಸಲ್ಲಿಸಲು ನಿರ್ಧರಿಸಲಾಗಿದೆ. ಅಗತ್ಯಬಿದ್ದರೆ ಹೋರಾಟ ತೀವ್ರಗೊಳಿಸಲಾಗುವುದು ಎಂದು ಎಚ್ಚರಿಸಿದರು. ಬನವಾಸಿ ಕದಂಬರ ರಾಜಧಾನಿಯಾಗಿದ್ದು ಐತಿಹಾಸಿಕ ಮಹತ್ವ ಹೊಂದಿದೆ. ಅದನ್ನು ಬೇರೆ ಜಿಲ್ಲೆಗೆ ಸೇರಿಸುವ ಪ್ರಯತ್ನ ಖಂಡನೀಯ. ಎಲ್ಲ ಪಕ್ಷದ ಜನಪ್ರತಿನಿಧಿಗಳು ಈ ಕುರಿತು ಧ್ವನಿ ಎತ್ತಬೇಕು ಎಂದು ಸದಸ್ಯರು ಕರೆ ನೀಡಿದರು. ಸಮಿತಿಯ ಪದಾಧಿಕಾರಿಗಳು ಉಪಸ್ಥಿತರಿದ್ದರು.
ಜೋರಾದ ಮಳೆಗೆ ಧರೆಗುರುಳಿದ ಮರ
ವಿಜಯಪುರ: ಕಳೆದ ರಾತ್ರಿ ಸುರಿದ ಜೋರಾದ ಮಳೆ ಹಾಗೂ ಬಿರುಗಾಳಿಗೆ ನಗರದ ಪ್ರಮುಖ ರಸ್ತೆಯಲ್ಲಿದ್ದ ಬೃಹತ್ ಮರವೊಂದು ಧರೆಗುರುಳಿದ ಘಟನೆ ನಡೆದಿದೆ. ಮರ ಬಿದ್ದ ಪರಿಣಾಮ ಕೆಲ ಕಾಲ ಸಂಚಾರ ಅಸ್ತವ್ಯಸ್ತಗೊಂಡಿತ್ತು. ವಿದ್ಯುತ್ ತಂತಿಗಳು ತುಂಡಾಗಿ ಕೆಲ ಪ್ರದೇಶಗಳಲ್ಲಿ ವಿದ್ಯುತ್ ಪೂರೈಕೆ ಸ್ಥಗಿತಗೊಂಡಿತು. ಅದೃಷ್ಟವಶಾತ್ ಯಾವುದೇ ಪ್ರಾಣಹಾನಿ ಸಂಭವಿಸಿಲ್ಲ. ಸ್ಥಳಕ್ಕೆ ಆಗಮಿಸಿದ ನಗರಸಭೆ ಸಿಬ್ಬಂದಿ ಮರ ತೆರವುಗೊಳಿಸುವ ಕಾರ್ಯ ಕೈಗೊಂಡರು. ಹೆಸ್ಕಾಂ ಸಿಬ್ಬಂದಿ ವಿದ್ಯುತ್ ಸಂಪರ್ಕ ಮರುಸ್ಥಾಪಿಸಿದರು.
